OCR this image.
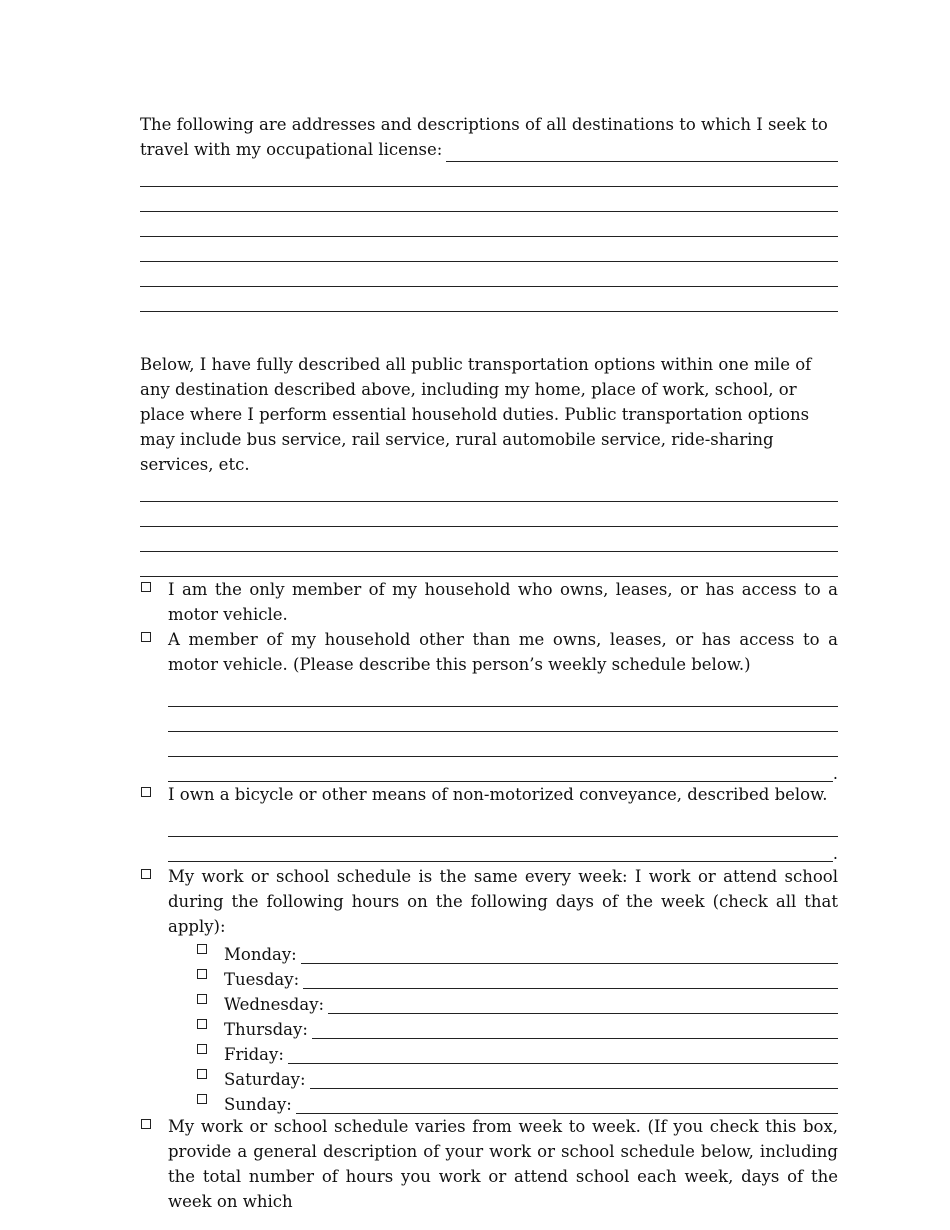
The following are addresses and descriptions of all destinations to which I seek to

travel with my occupational license:

Below, I have fully described all public transportation options within one mile of any destination described above, including my home, place of work, school, or place where I perform essential household duties. Public transportation options may include bus service, rail service, rural automobile service, ride-sharing services, etc.

I am the only member of my household who owns, leases, or has access to a motor vehicle.
A member of my household other than me owns, leases, or has access to a motor vehicle. (Please describe this person’s weekly schedule below.)
.
I own a bicycle or other means of non-motorized conveyance, described below.
.
My work or school schedule is the same every week: I work or attend school during the following hours on the following days of the week (check all that apply):
Monday:
Tuesday:
Wednesday:
Thursday:
Friday:
Saturday:
Sunday:
My work or school schedule varies from week to week. (If you check this box, provide a general description of your work or school schedule below, including the total number of hours you work or attend school each week, days of the week on which
